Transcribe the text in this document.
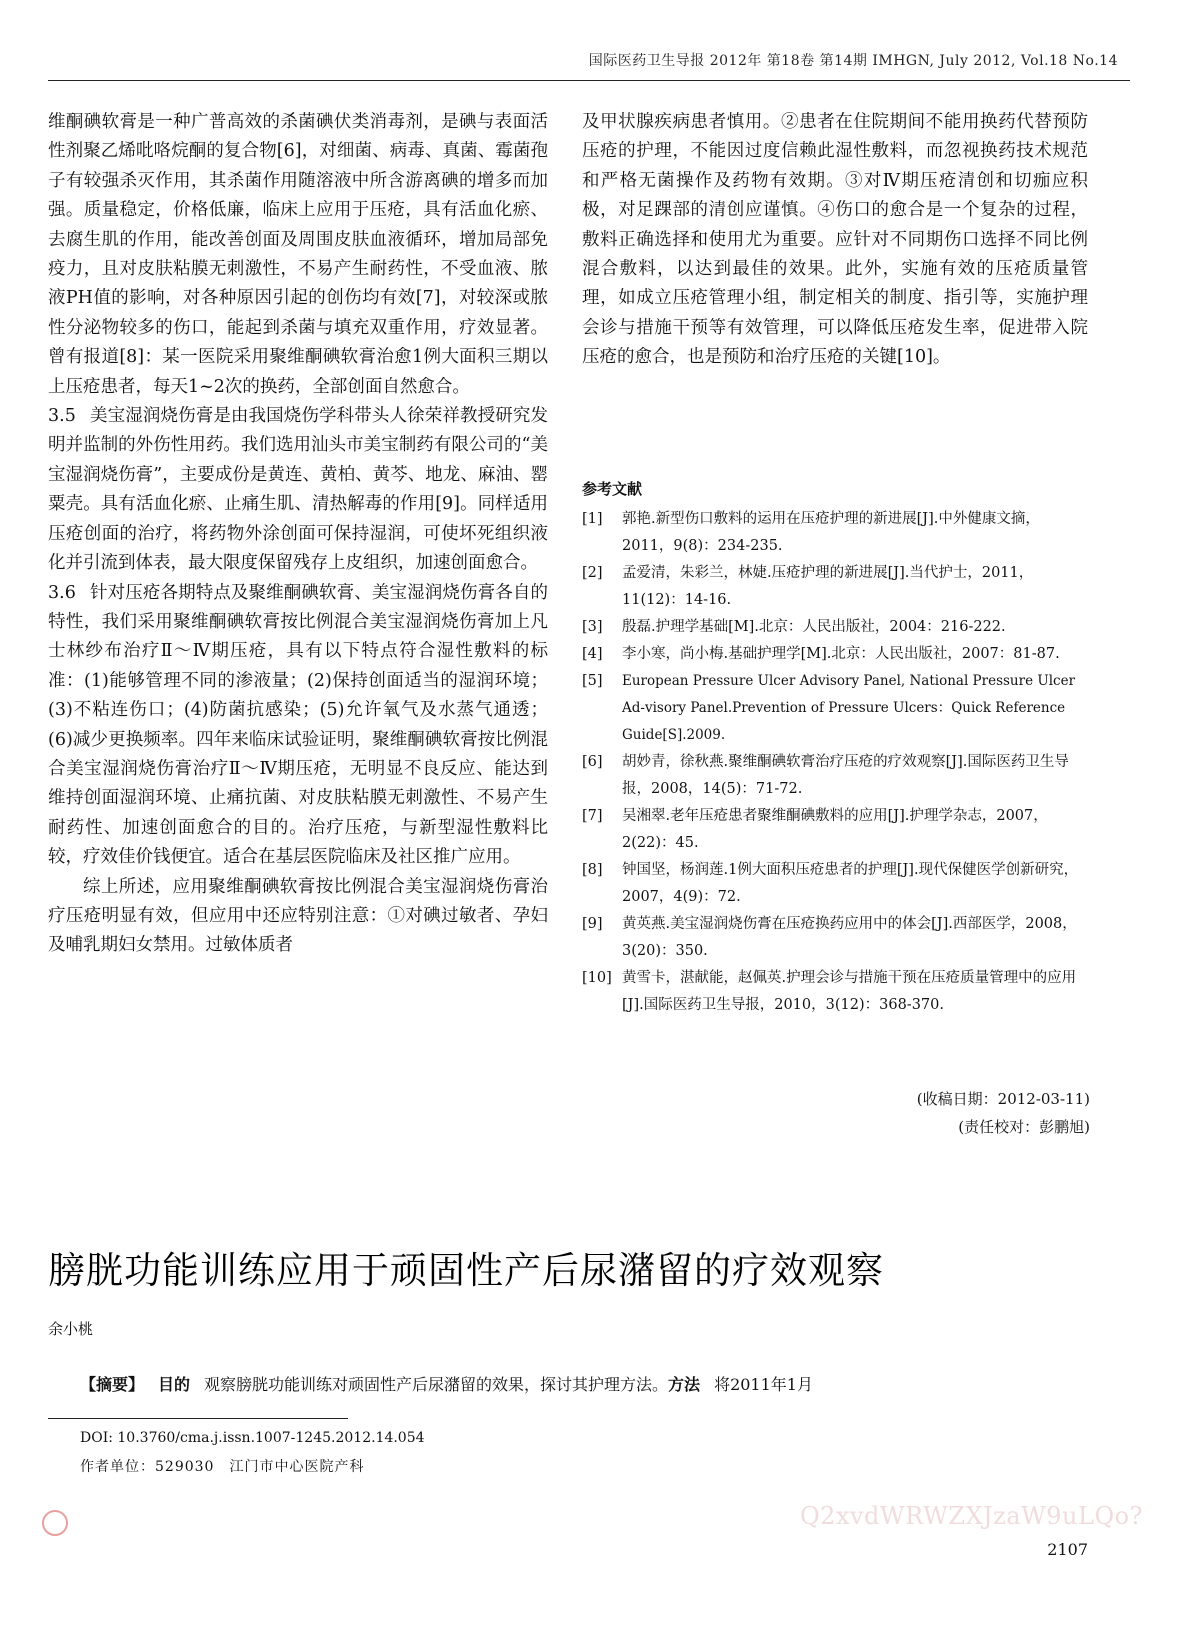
国际医药卫生导报 2012年 第18卷 第14期 IMHGN, July 2012, Vol.18 No.14

维酮碘软膏是一种广普高效的杀菌碘伏类消毒剂，是碘与表面活性剂聚乙烯吡咯烷酮的复合物[6]，对细菌、病毒、真菌、霉菌孢子有较强杀灭作用，其杀菌作用随溶液中所含游离碘的增多而加强。质量稳定，价格低廉，临床上应用于压疮，具有活血化瘀、去腐生肌的作用，能改善创面及周围皮肤血液循环，增加局部免疫力，且对皮肤粘膜无刺激性，不易产生耐药性，不受血液、脓液PH值的影响，对各种原因引起的创伤均有效[7]，对较深或脓性分泌物较多的伤口，能起到杀菌与填充双重作用，疗效显著。曾有报道[8]：某一医院采用聚维酮碘软膏治愈1例大面积三期以上压疮患者，每天1~2次的换药，全部创面自然愈合。

3.5 美宝湿润烧伤膏是由我国烧伤学科带头人徐荣祥教授研究发明并监制的外伤性用药。我们选用汕头市美宝制药有限公司的“美宝湿润烧伤膏”，主要成份是黄连、黄柏、黄芩、地龙、麻油、罂粟壳。具有活血化瘀、止痛生肌、清热解毒的作用[9]。同样适用压疮创面的治疗，将药物外涂创面可保持湿润，可使坏死组织液化并引流到体表，最大限度保留残存上皮组织，加速创面愈合。

3.6 针对压疮各期特点及聚维酮碘软膏、美宝湿润烧伤膏各自的特性，我们采用聚维酮碘软膏按比例混合美宝湿润烧伤膏加上凡士林纱布治疗Ⅱ～Ⅳ期压疮，具有以下特点符合湿性敷料的标准：(1)能够管理不同的渗液量；(2)保持创面适当的湿润环境；(3)不粘连伤口；(4)防菌抗感染；(5)允许氧气及水蒸气通透；(6)减少更换频率。四年来临床试验证明，聚维酮碘软膏按比例混合美宝湿润烧伤膏治疗Ⅱ～Ⅳ期压疮，无明显不良反应、能达到维持创面湿润环境、止痛抗菌、对皮肤粘膜无刺激性、不易产生耐药性、加速创面愈合的目的。治疗压疮，与新型湿性敷料比较，疗效佳价钱便宜。适合在基层医院临床及社区推广应用。

综上所述，应用聚维酮碘软膏按比例混合美宝湿润烧伤膏治疗压疮明显有效，但应用中还应特别注意：①对碘过敏者、孕妇及哺乳期妇女禁用。过敏体质者

及甲状腺疾病患者慎用。②患者在住院期间不能用换药代替预防压疮的护理，不能因过度信赖此湿性敷料，而忽视换药技术规范和严格无菌操作及药物有效期。③对Ⅳ期压疮清创和切痂应积极，对足踝部的清创应谨慎。④伤口的愈合是一个复杂的过程，敷料正确选择和使用尤为重要。应针对不同期伤口选择不同比例混合敷料，以达到最佳的效果。此外，实施有效的压疮质量管理，如成立压疮管理小组，制定相关的制度、指引等，实施护理会诊与措施干预等有效管理，可以降低压疮发生率，促进带入院压疮的愈合，也是预防和治疗压疮的关键[10]。

参考文献
[1] 郭艳.新型伤口敷料的运用在压疮护理的新进展[J].中外健康文摘，2011，9(8)：234-235.
[2] 孟爱清，朱彩兰，林婕.压疮护理的新进展[J].当代护士，2011，11(12)：14-16.
[3] 殷磊.护理学基础[M].北京：人民出版社，2004：216-222.
[4] 李小寒，尚小梅.基础护理学[M].北京：人民出版社，2007：81-87.
[5] European Pressure Ulcer Advisory Panel, National Pressure Ulcer Ad-visory Panel.Prevention of Pressure Ulcers：Quick Reference Guide[S].2009.
[6] 胡妙青，徐秋燕.聚维酮碘软膏治疗压疮的疗效观察[J].国际医药卫生导报，2008，14(5)：71-72.
[7] 吴湘翠.老年压疮患者聚维酮碘敷料的应用[J].护理学杂志，2007，2(22)：45.
[8] 钟国坚，杨润莲.1例大面积压疮患者的护理[J].现代保健医学创新研究，2007，4(9)：72.
[9] 黄英燕.美宝湿润烧伤膏在压疮换药应用中的体会[J].西部医学，2008，3(20)：350.
[10] 黄雪卡，湛献能，赵佩英.护理会诊与措施干预在压疮质量管理中的应用[J].国际医药卫生导报，2010，3(12)：368-370.
(收稿日期：2012-03-11)
(责任校对：彭鹏旭)
膀胱功能训练应用于顽固性产后尿潴留的疗效观察
余小桃
【摘要】 目的 观察膀胱功能训练对顽固性产后尿潴留的效果，探讨其护理方法。方法 将2011年1月
DOI: 10.3760/cma.j.issn.1007-1245.2012.14.054
作者单位：529030　江门市中心医院产科
Q2xvdWRWZXJzaW9uLQo?
2107
